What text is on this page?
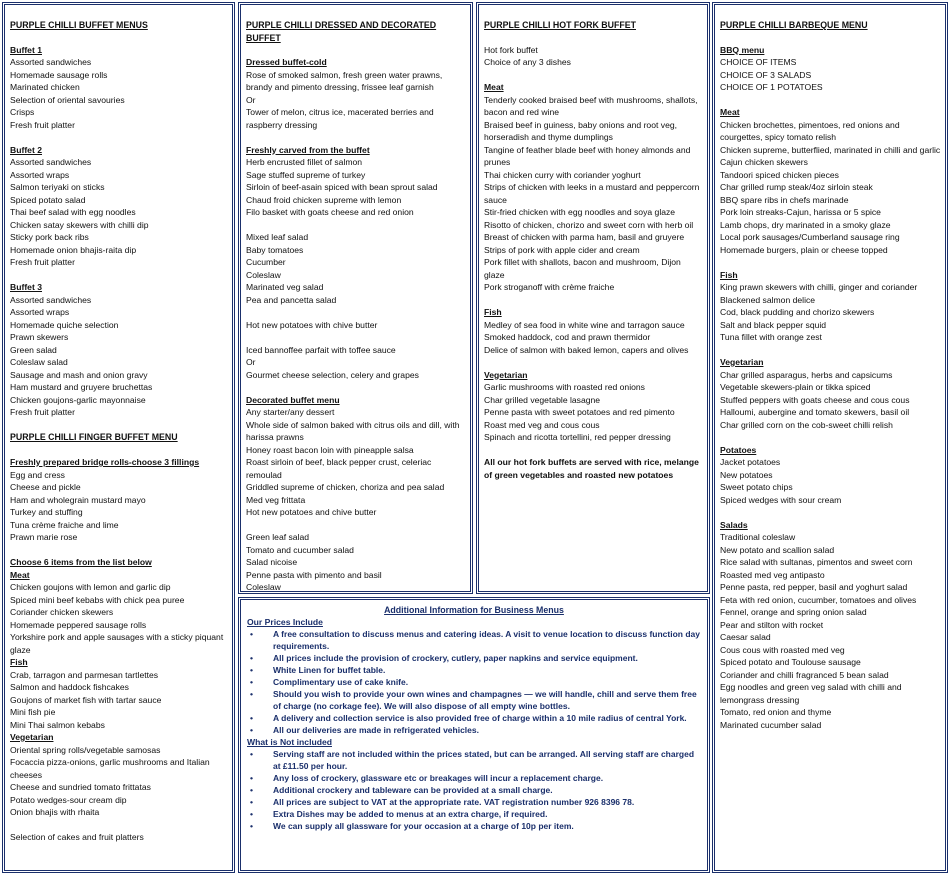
PURPLE CHILLI BUFFET MENUS
Buffet 1
Assorted sandwiches
Homemade sausage rolls
Marinated chicken
Selection of oriental savouries
Crisps
Fresh fruit platter
Buffet 2
Assorted sandwiches
Assorted wraps
Salmon teriyaki on sticks
Spiced potato salad
Thai beef salad with egg noodles
Chicken satay skewers with chilli dip
Sticky pork back ribs
Homemade onion bhajis-raita dip
Fresh fruit platter
Buffet 3
Assorted sandwiches
Assorted wraps
Homemade quiche selection
Prawn skewers
Green salad
Coleslaw salad
Sausage and mash and onion gravy
Ham mustard and gruyere bruchettas
Chicken goujons-garlic mayonnaise
Fresh fruit platter
PURPLE CHILLI FINGER BUFFET MENU
Freshly prepared bridge rolls-choose 3 fillings
Egg and cress
Cheese and pickle
Ham and wholegrain mustard mayo
Turkey and stuffing
Tuna crème fraiche and lime
Prawn marie rose
Choose 6 items from the list below
Meat
Chicken goujons with lemon and garlic dip
Spiced mini beef kebabs with chick pea puree
Coriander chicken skewers
Homemade peppered sausage rolls
Yorkshire pork and apple sausages with a sticky piquant glaze
Fish
Crab, tarragon and parmesan tartlettes
Salmon and haddock fishcakes
Goujons of market fish with tartar sauce
Mini fish pie
Mini Thai salmon kebabs
Vegetarian
Oriental spring rolls/vegetable samosas
Focaccia pizza-onions, garlic mushrooms and Italian cheeses
Cheese and sundried tomato frittatas
Potato wedges-sour cream dip
Onion bhajis with rhaita
Selection of cakes and fruit platters
PURPLE CHILLI DRESSED AND DECORATED BUFFET
Dressed buffet-cold
Rose of smoked salmon, fresh green water prawns, brandy and pimento dressing, frissee leaf garnish
Or
Tower of melon, citrus ice, macerated berries and raspberry dressing
Freshly carved from the buffet
Herb encrusted fillet of salmon
Sage stuffed supreme of turkey
Sirloin of beef-asain spiced with bean sprout salad
Chaud froid chicken supreme with lemon
Filo basket with goats cheese and red onion
Mixed leaf salad
Baby tomatoes
Cucumber
Coleslaw
Marinated veg salad
Pea and pancetta salad
Hot new potatoes with chive butter
Iced bannoffee parfait with toffee sauce
Or
Gourmet cheese selection, celery and grapes
Decorated buffet menu
Any starter/any dessert
Whole side of salmon baked with citrus oils and dill, with harissa prawns
Honey roast bacon loin with pineapple salsa
Roast sirloin of beef, black pepper crust, celeriac remoulad
Griddled supreme of chicken, choriza and pea salad
Med veg frittata
Hot new potatoes and chive butter
Green leaf salad
Tomato and cucumber salad
Salad nicoise
Penne pasta with pimento and basil
Coleslaw
PURPLE CHILLI HOT FORK BUFFET
Hot fork buffet
Choice of any 3 dishes
Meat
Tenderly cooked braised beef with mushrooms, shallots, bacon and red wine
Braised beef in guiness, baby onions and root veg, horseradish and thyme dumplings
Tangine of feather blade beef with honey almonds and prunes
Thai chicken curry with coriander yoghurt
Strips of chicken with leeks in a mustard and peppercorn sauce
Stir-fried chicken with egg noodles and soya glaze
Risotto of chicken, chorizo and sweet corn with herb oil
Breast of chicken with parma ham, basil and gruyere
Strips of pork with apple cider and cream
Pork fillet with shallots, bacon and mushroom, Dijon glaze
Pork stroganoff with crème fraiche
Fish
Medley of sea food in white wine and tarragon sauce
Smoked haddock, cod and prawn thermidor
Delice of salmon with baked lemon, capers and olives
Vegetarian
Garlic mushrooms with roasted red onions
Char grilled vegetable lasagne
Penne pasta with sweet potatoes and red pimento
Roast med veg and cous cous
Spinach and ricotta tortellini, red pepper dressing
All our hot fork buffets are served with rice, melange of green vegetables and roasted new potatoes
PURPLE CHILLI BARBEQUE MENU
BBQ menu
CHOICE OF ITEMS
CHOICE OF 3 SALADS
CHOICE OF 1 POTATOES
Meat
Chicken brochettes, pimentoes, red onions and courgettes, spicy tomato relish
Chicken supreme, butterflied, marinated in chilli and garlic
Cajun chicken skewers
Tandoori spiced chicken pieces
Char grilled rump steak/4oz sirloin steak
BBQ spare ribs in chefs marinade
Pork loin streaks-Cajun, harissa or 5 spice
Lamb chops, dry marinated in a smoky glaze
Local pork sausages/Cumberland sausage ring
Homemade burgers, plain or cheese topped
Fish
King prawn skewers with chilli, ginger and coriander
Blackened salmon delice
Cod, black pudding and chorizo skewers
Salt and black pepper squid
Tuna fillet with orange zest
Vegetarian
Char grilled asparagus, herbs and capsicums
Vegetable skewers-plain or tikka spiced
Stuffed peppers with goats cheese and cous cous
Halloumi, aubergine and tomato skewers, basil oil
Char grilled corn on the cob-sweet chilli relish
Potatoes
Jacket potatoes
New potatoes
Sweet potato chips
Spiced wedges with sour cream
Salads
Traditional coleslaw
New potato and scallion salad
Rice salad with sultanas, pimentos and sweet corn
Roasted med veg antipasto
Penne pasta, red pepper, basil and yoghurt salad
Feta with red onion, cucumber, tomatoes and olives
Fennel, orange and spring onion salad
Pear and stilton with rocket
Caesar salad
Cous cous with roasted med veg
Spiced potato and Toulouse sausage
Coriander and chilli fragranced 5 bean salad
Egg noodles and green veg salad with chilli and lemongrass dressing
Tomato, red onion and thyme
Marinated cucumber salad
Additional Information for Business Menus
Our Prices Include
• A free consultation to discuss menus and catering ideas. A visit to venue location to discuss function day requirements.
• All prices include the provision of crockery, cutlery, paper napkins and service equipment.
• White Linen for buffet table.
• Complimentary use of cake knife.
• Should you wish to provide your own wines and champagnes — we will handle, chill and serve them free of charge (no corkage fee). We will also dispose of all empty wine bottles.
• A delivery and collection service is also provided free of charge within a 10 mile radius of central York.
• All our deliveries are made in refrigerated vehicles.
What is Not included
• Serving staff are not included within the prices stated, but can be arranged. All serving staff are charged at £11.50 per hour.
• Any loss of crockery, glassware etc or breakages will incur a replacement charge.
• Additional crockery and tableware can be provided at a small charge.
• All prices are subject to VAT at the appropriate rate. VAT registration number 926 8396 78.
• Extra Dishes may be added to menus at an extra charge, if required.
• We can supply all glassware for your occasion at a charge of 10p per item.
